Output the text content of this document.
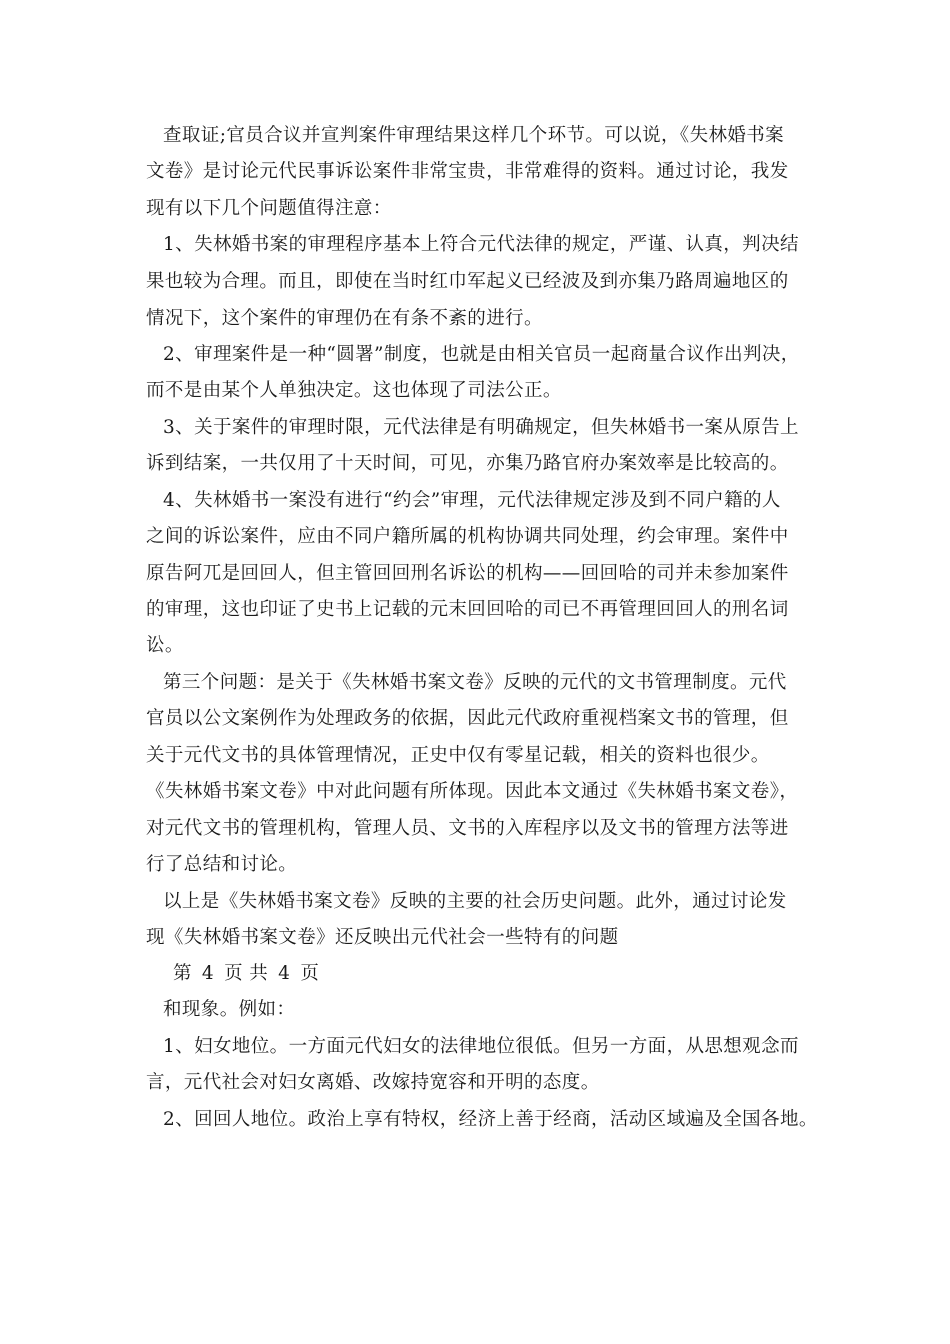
查取证;官员合议并宣判案件审理结果这样几个环节。可以说，《失林婚书案
文卷》是讨论元代民事诉讼案件非常宝贵，非常难得的资料。通过讨论，我发
现有以下几个问题值得注意：
1、失林婚书案的审理程序基本上符合元代法律的规定，严谨、认真，判决结
果也较为合理。而且，即使在当时红巾军起义已经波及到亦集乃路周遍地区的
情况下，这个案件的审理仍在有条不紊的进行。
2、审理案件是一种“圆署”制度，也就是由相关官员一起商量合议作出判决，
而不是由某个人单独决定。这也体现了司法公正。
3、关于案件的审理时限，元代法律是有明确规定，但失林婚书一案从原告上
诉到结案，一共仅用了十天时间，可见，亦集乃路官府办案效率是比较高的。
4、失林婚书一案没有进行“约会”审理，元代法律规定涉及到不同户籍的人
之间的诉讼案件，应由不同户籍所属的机构协调共同处理，约会审理。案件中
原告阿兀是回回人，但主管回回刑名诉讼的机构——回回哈的司并未参加案件
的审理，这也印证了史书上记载的元末回回哈的司已不再管理回回人的刑名词
讼。
第三个问题：是关于《失林婚书案文卷》反映的元代的文书管理制度。元代
官员以公文案例作为处理政务的依据，因此元代政府重视档案文书的管理，但
关于元代文书的具体管理情况，正史中仅有零星记载，相关的资料也很少。
《失林婚书案文卷》中对此问题有所体现。因此本文通过《失林婚书案文卷》，
对元代文书的管理机构，管理人员、文书的入库程序以及文书的管理方法等进
行了总结和讨论。
以上是《失林婚书案文卷》反映的主要的社会历史问题。此外，通过讨论发
现《失林婚书案文卷》还反映出元代社会一些特有的问题
第 4 页 共 4 页
和现象。例如：
1、妇女地位。一方面元代妇女的法律地位很低。但另一方面，从思想观念而
言，元代社会对妇女离婚、改嫁持宽容和开明的态度。
2、回回人地位。政治上享有特权，经济上善于经商，活动区域遍及全国各地。
